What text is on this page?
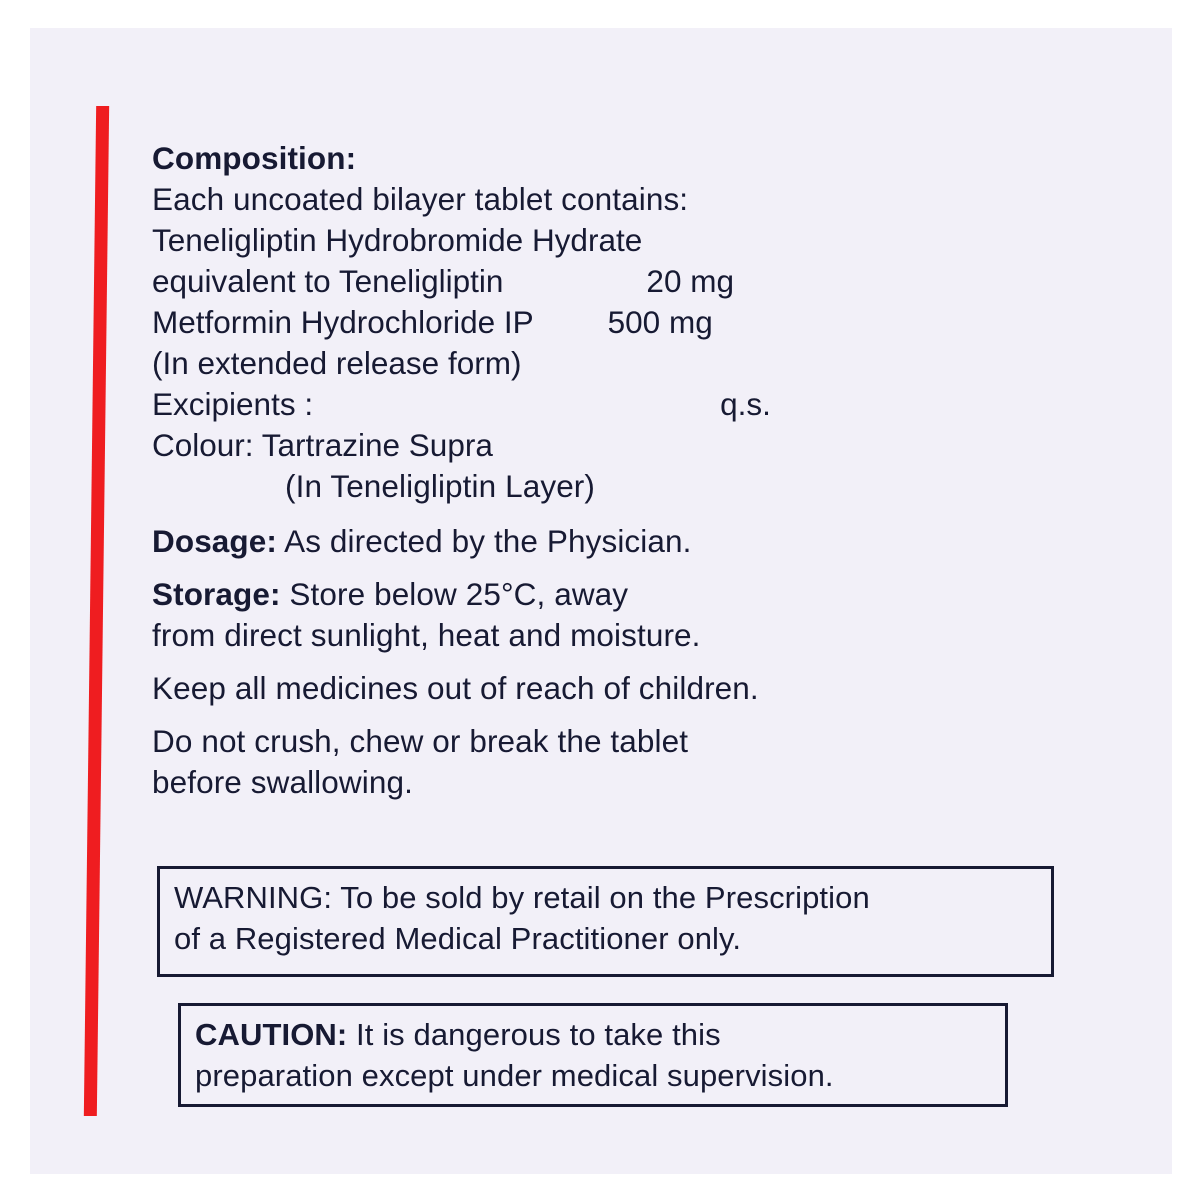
Composition:
Each uncoated bilayer tablet contains:
Teneligliptin Hydrobromide Hydrate
equivalent to Teneligliptin	20 mg
Metformin Hydrochloride IP 500 mg
(In extended release form)
Excipients :	q.s.
Colour: Tartrazine Supra
(In Teneligliptin Layer)
Dosage: As directed by the Physician.
Storage: Store below 25°C, away
from direct sunlight, heat and moisture.
Keep all medicines out of reach of children.
Do not crush, chew or break the tablet
before swallowing.
WARNING: To be sold by retail on the Prescription
of a Registered Medical Practitioner only.
CAUTION: It is dangerous to take this
preparation except under medical supervision.
